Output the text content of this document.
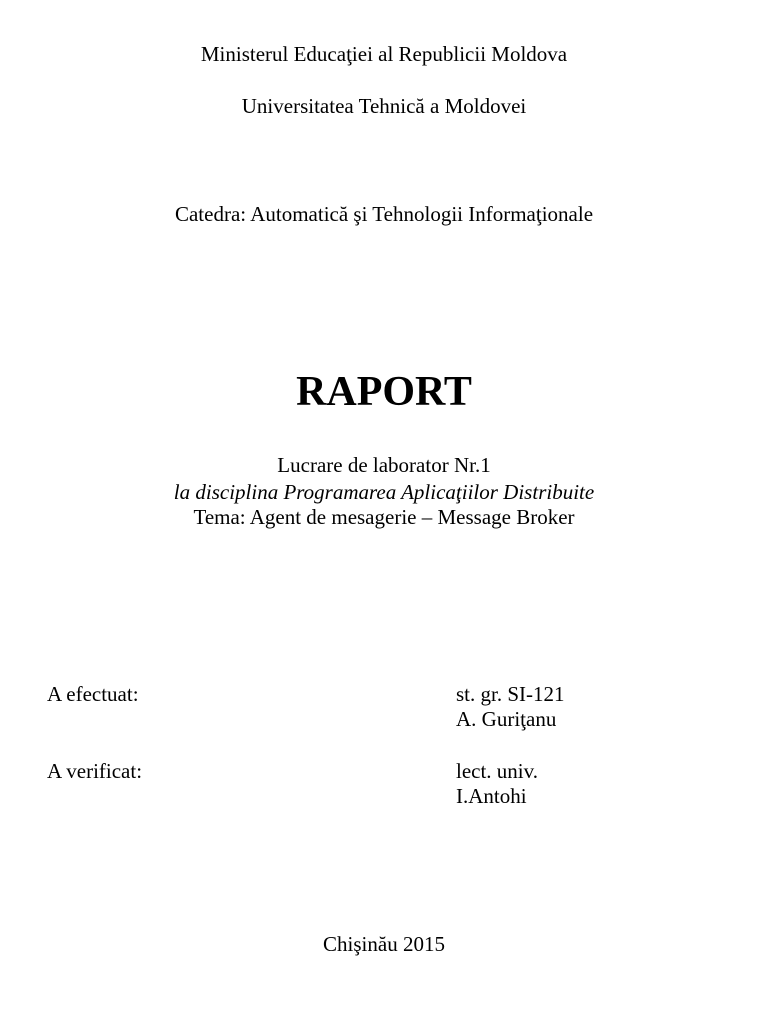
Ministerul Educaţiei al Republicii Moldova
Universitatea Tehnică a Moldovei
Catedra: Automatică şi Tehnologii Informaţionale
RAPORT
Lucrare de laborator Nr.1
la disciplina Programarea Aplicaţiilor Distribuite
Tema: Agent de mesagerie – Message Broker
A efectuat:	st. gr. SI-121
A. Guriţanu
A verificat:	lect. univ.
I.Antohi
Chişinău 2015
